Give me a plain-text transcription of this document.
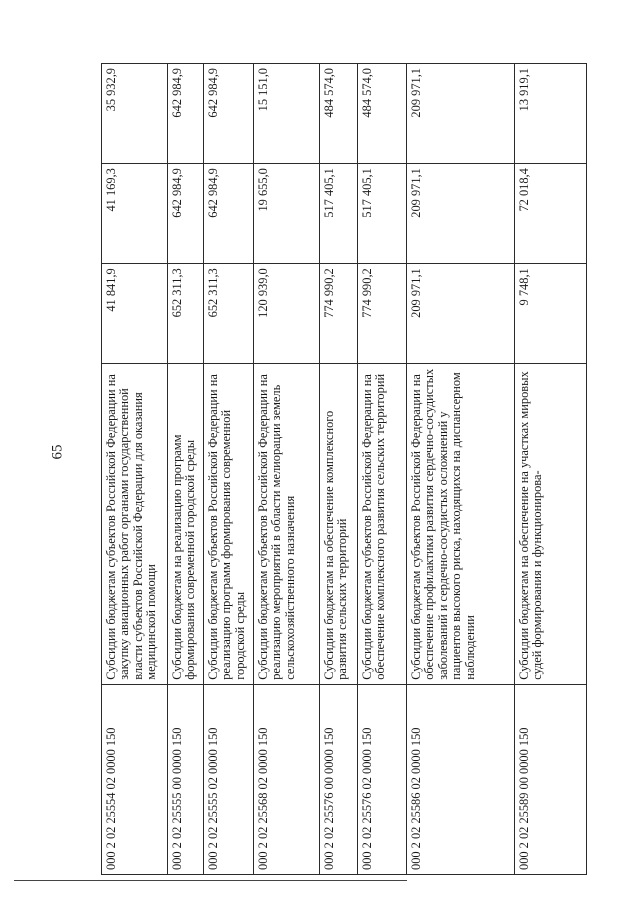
65
000 2 02 25554 02 0000 150	Субсидии бюджетам субъектов Российской Федерации на закупку авиационных работ органами государственной власти субъектов Российской Федерации для оказания медицинской помощи	41 841,9	41 169,3	35 932,9
000 2 02 25555 00 0000 150	Субсидии бюджетам на реализацию программ формирования современной городской среды	652 311,3	642 984,9	642 984,9
000 2 02 25555 02 0000 150	Субсидии бюджетам субъектов Российской Федерации на реализацию программ формирования современной городской среды	652 311,3	642 984,9	642 984,9
000 2 02 25568 02 0000 150	Субсидии бюджетам субъектов Российской Федерации на реализацию мероприятий в области мелиорации земель сельскохозяйственного назначения	120 939,0	19 655,0	15 151,0
000 2 02 25576 00 0000 150	Субсидии бюджетам на обеспечение комплексного развития сельских территорий	774 990,2	517 405,1	484 574,0
000 2 02 25576 02 0000 150	Субсидии бюджетам субъектов Российской Федерации на обеспечение комплексного развития сельских территорий	774 990,2	517 405,1	484 574,0
000 2 02 25586 02 0000 150	Субсидии бюджетам субъектов Российской Федерации на обеспечение профилактики развития сердечно-сосудистых заболеваний и сердечно-сосудистых осложнений у пациентов высокого риска, находящихся на диспансерном наблюдении	209 971,1	209 971,1	209 971,1
000 2 02 25589 00 0000 150	Субсидии бюджетам на обеспечение на участках мировых судей формирования и функционирова-	9 748,1	72 018,4	13 919,1
